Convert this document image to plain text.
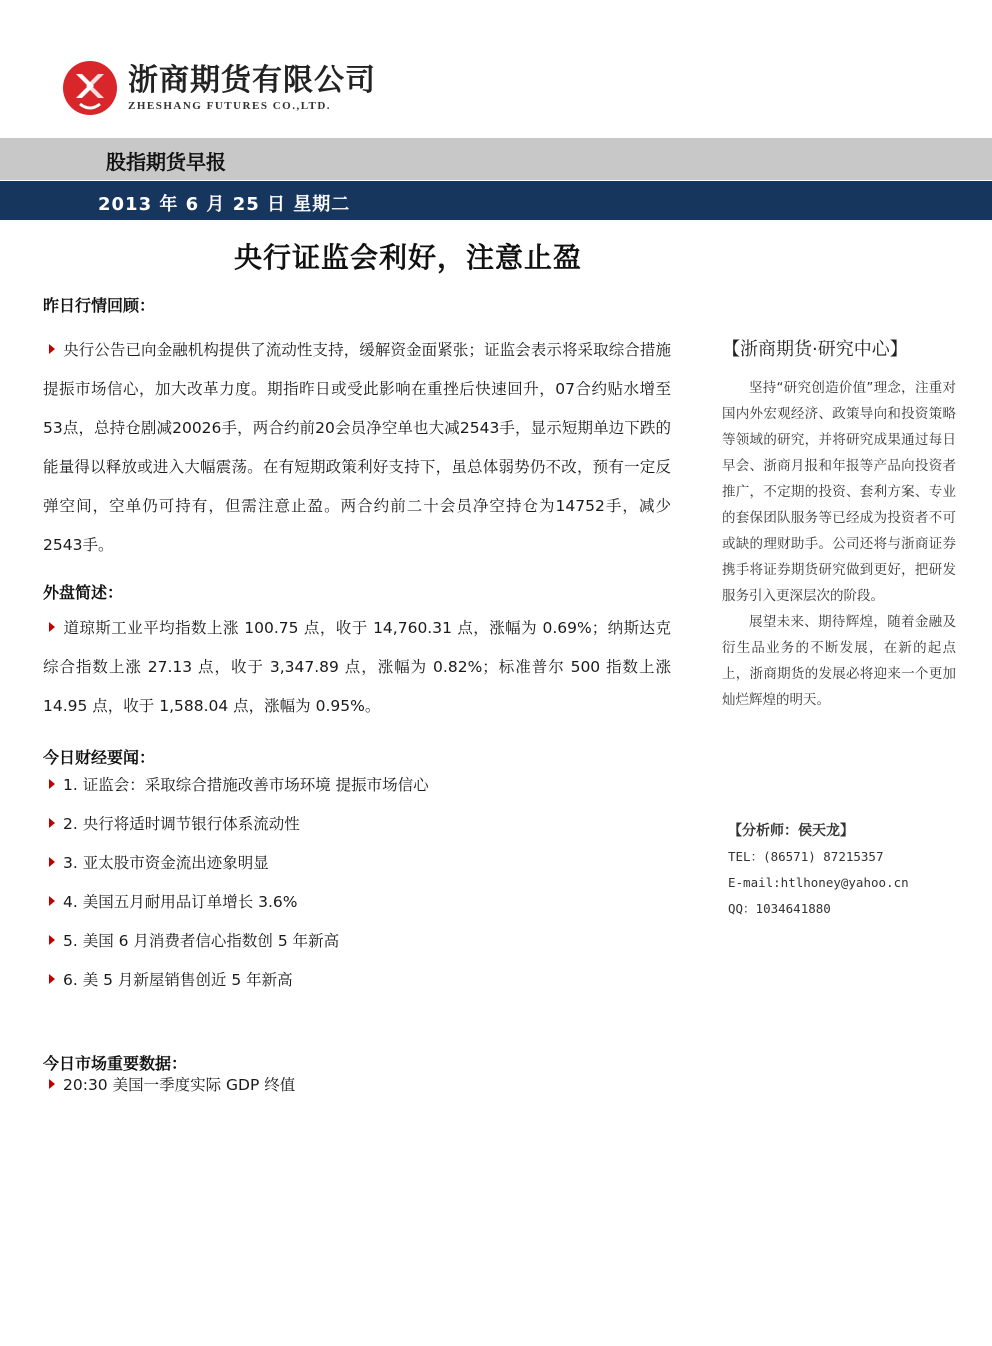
浙商期货有限公司
ZHESHANG FUTURES CO.,LTD.
股指期货早报
2013 年 6 月 25 日 星期二
央行证监会利好，注意止盈
昨日行情回顾：

央行公告已向金融机构提供了流动性支持，缓解资金面紧张；证监会表示将采取综合措施提振市场信心，加大改革力度。期指昨日或受此影响在重挫后快速回升，07合约贴水增至53点，总持仓剧减20026手，两合约前20会员净空单也大减2543手，显示短期单边下跌的能量得以释放或进入大幅震荡。在有短期政策利好支持下，虽总体弱势仍不改，预有一定反弹空间，空单仍可持有，但需注意止盈。两合约前二十会员净空持仓为14752手，减少2543手。

外盘简述：

道琼斯工业平均指数上涨 100.75 点，收于 14,760.31 点，涨幅为 0.69%；纳斯达克综合指数上涨 27.13 点，收于 3,347.89 点，涨幅为 0.82%；标准普尔 500 指数上涨 14.95 点，收于 1,588.04 点，涨幅为 0.95%。

今日财经要闻：
1. 证监会：采取综合措施改善市场环境 提振市场信心
2. 央行将适时调节银行体系流动性
3. 亚太股市资金流出迹象明显
4. 美国五月耐用品订单增长 3.6%
5. 美国 6 月消费者信心指数创 5 年新高
6. 美 5 月新屋销售创近 5 年新高
今日市场重要数据：
20:30 美国一季度实际 GDP 终值
【浙商期货·研究中心】

坚持“研究创造价值”理念，注重对国内外宏观经济、政策导向和投资策略等领域的研究，并将研究成果通过每日早会、浙商月报和年报等产品向投资者推广，不定期的投资、套利方案、专业的套保团队服务等已经成为投资者不可或缺的理财助手。公司还将与浙商证券携手将证券期货研究做到更好，把研发服务引入更深层次的阶段。

展望未来、期待辉煌，随着金融及衍生品业务的不断发展，在新的起点上，浙商期货的发展必将迎来一个更加灿烂辉煌的明天。

【分析师：侯天龙】
TEL：(86571) 87215357
E-mail:htlhoney@yahoo.cn
QQ：1034641880
